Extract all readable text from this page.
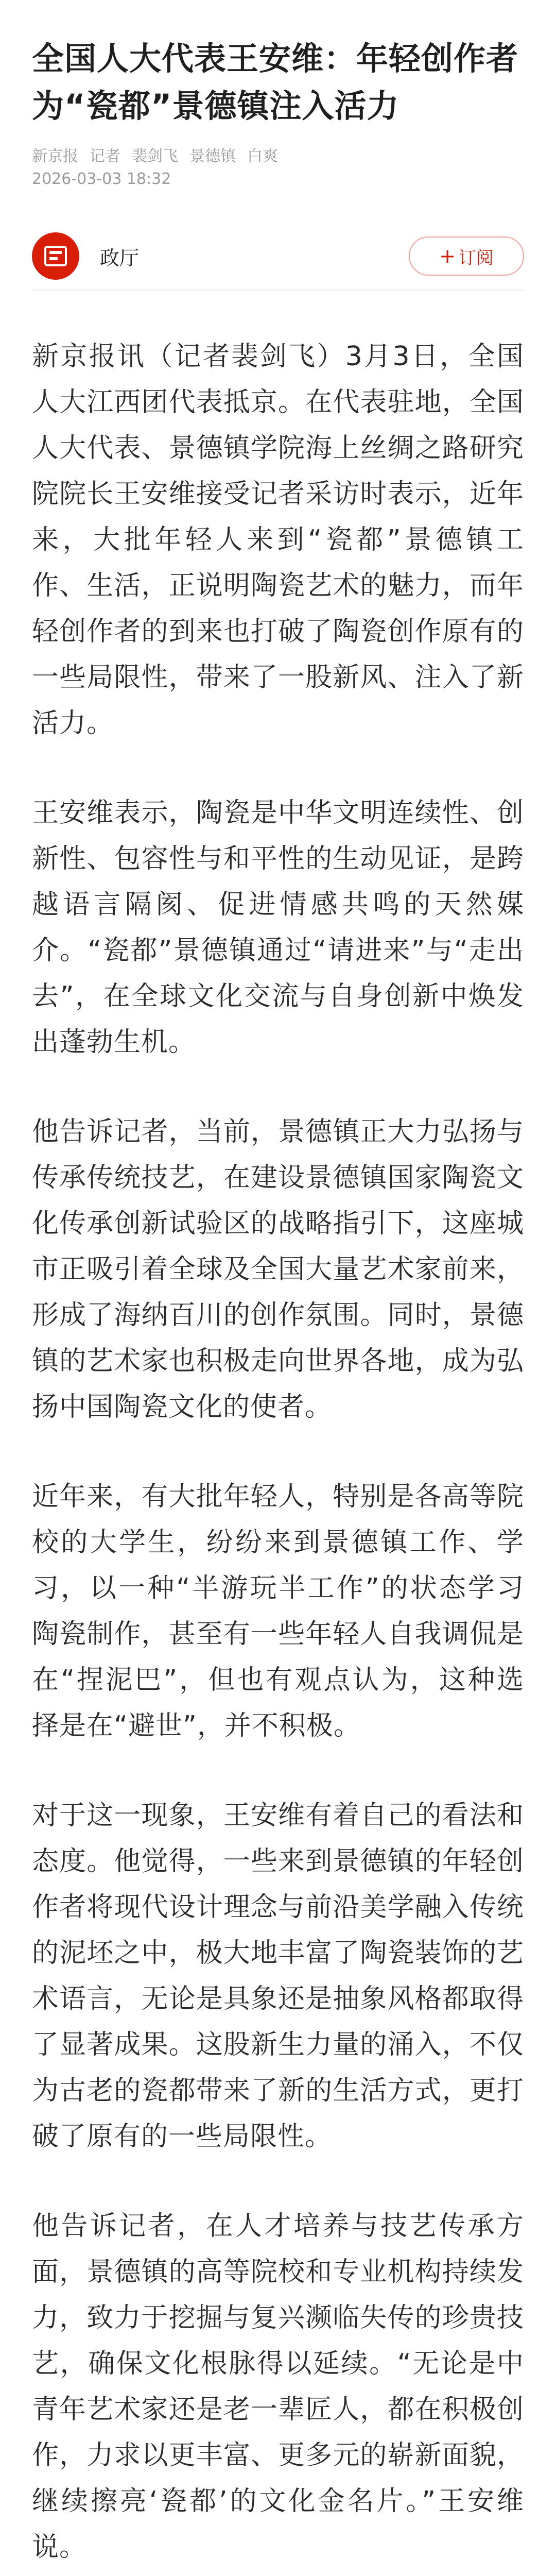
全国人大代表王安维：年轻创作者为“瓷都”景德镇注入活力
新京报 记者 裴剑飞 景德镇 白爽
2026-03-03 18:32
政厅	+ 订阅

新京报讯（记者裴剑飞）3月3日，全国人大江西团代表抵京。在代表驻地，全国人大代表、景德镇学院海上丝绸之路研究院院长王安维接受记者采访时表示，近年来，大批年轻人来到“瓷都”景德镇工作、生活，正说明陶瓷艺术的魅力，而年轻创作者的到来也打破了陶瓷创作原有的一些局限性，带来了一股新风、注入了新活力。

王安维表示，陶瓷是中华文明连续性、创新性、包容性与和平性的生动见证，是跨越语言隔阂、促进情感共鸣的天然媒介。“瓷都”景德镇通过“请进来”与“走出去”，在全球文化交流与自身创新中焕发出蓬勃生机。

他告诉记者，当前，景德镇正大力弘扬与传承传统技艺，在建设景德镇国家陶瓷文化传承创新试验区的战略指引下，这座城市正吸引着全球及全国大量艺术家前来，形成了海纳百川的创作氛围。同时，景德镇的艺术家也积极走向世界各地，成为弘扬中国陶瓷文化的使者。

近年来，有大批年轻人，特别是各高等院校的大学生，纷纷来到景德镇工作、学习，以一种“半游玩半工作”的状态学习陶瓷制作，甚至有一些年轻人自我调侃是在“捏泥巴”，但也有观点认为，这种选择是在“避世”，并不积极。

对于这一现象，王安维有着自己的看法和态度。他觉得，一些来到景德镇的年轻创作者将现代设计理念与前沿美学融入传统的泥坯之中，极大地丰富了陶瓷装饰的艺术语言，无论是具象还是抽象风格都取得了显著成果。这股新生力量的涌入，不仅为古老的瓷都带来了新的生活方式，更打破了原有的一些局限性。

他告诉记者，在人才培养与技艺传承方面，景德镇的高等院校和专业机构持续发力，致力于挖掘与复兴濒临失传的珍贵技艺，确保文化根脉得以延续。“无论是中青年艺术家还是老一辈匠人，都在积极创作，力求以更丰富、更多元的崭新面貌，继续擦亮‘瓷都’的文化金名片。”王安维说。
